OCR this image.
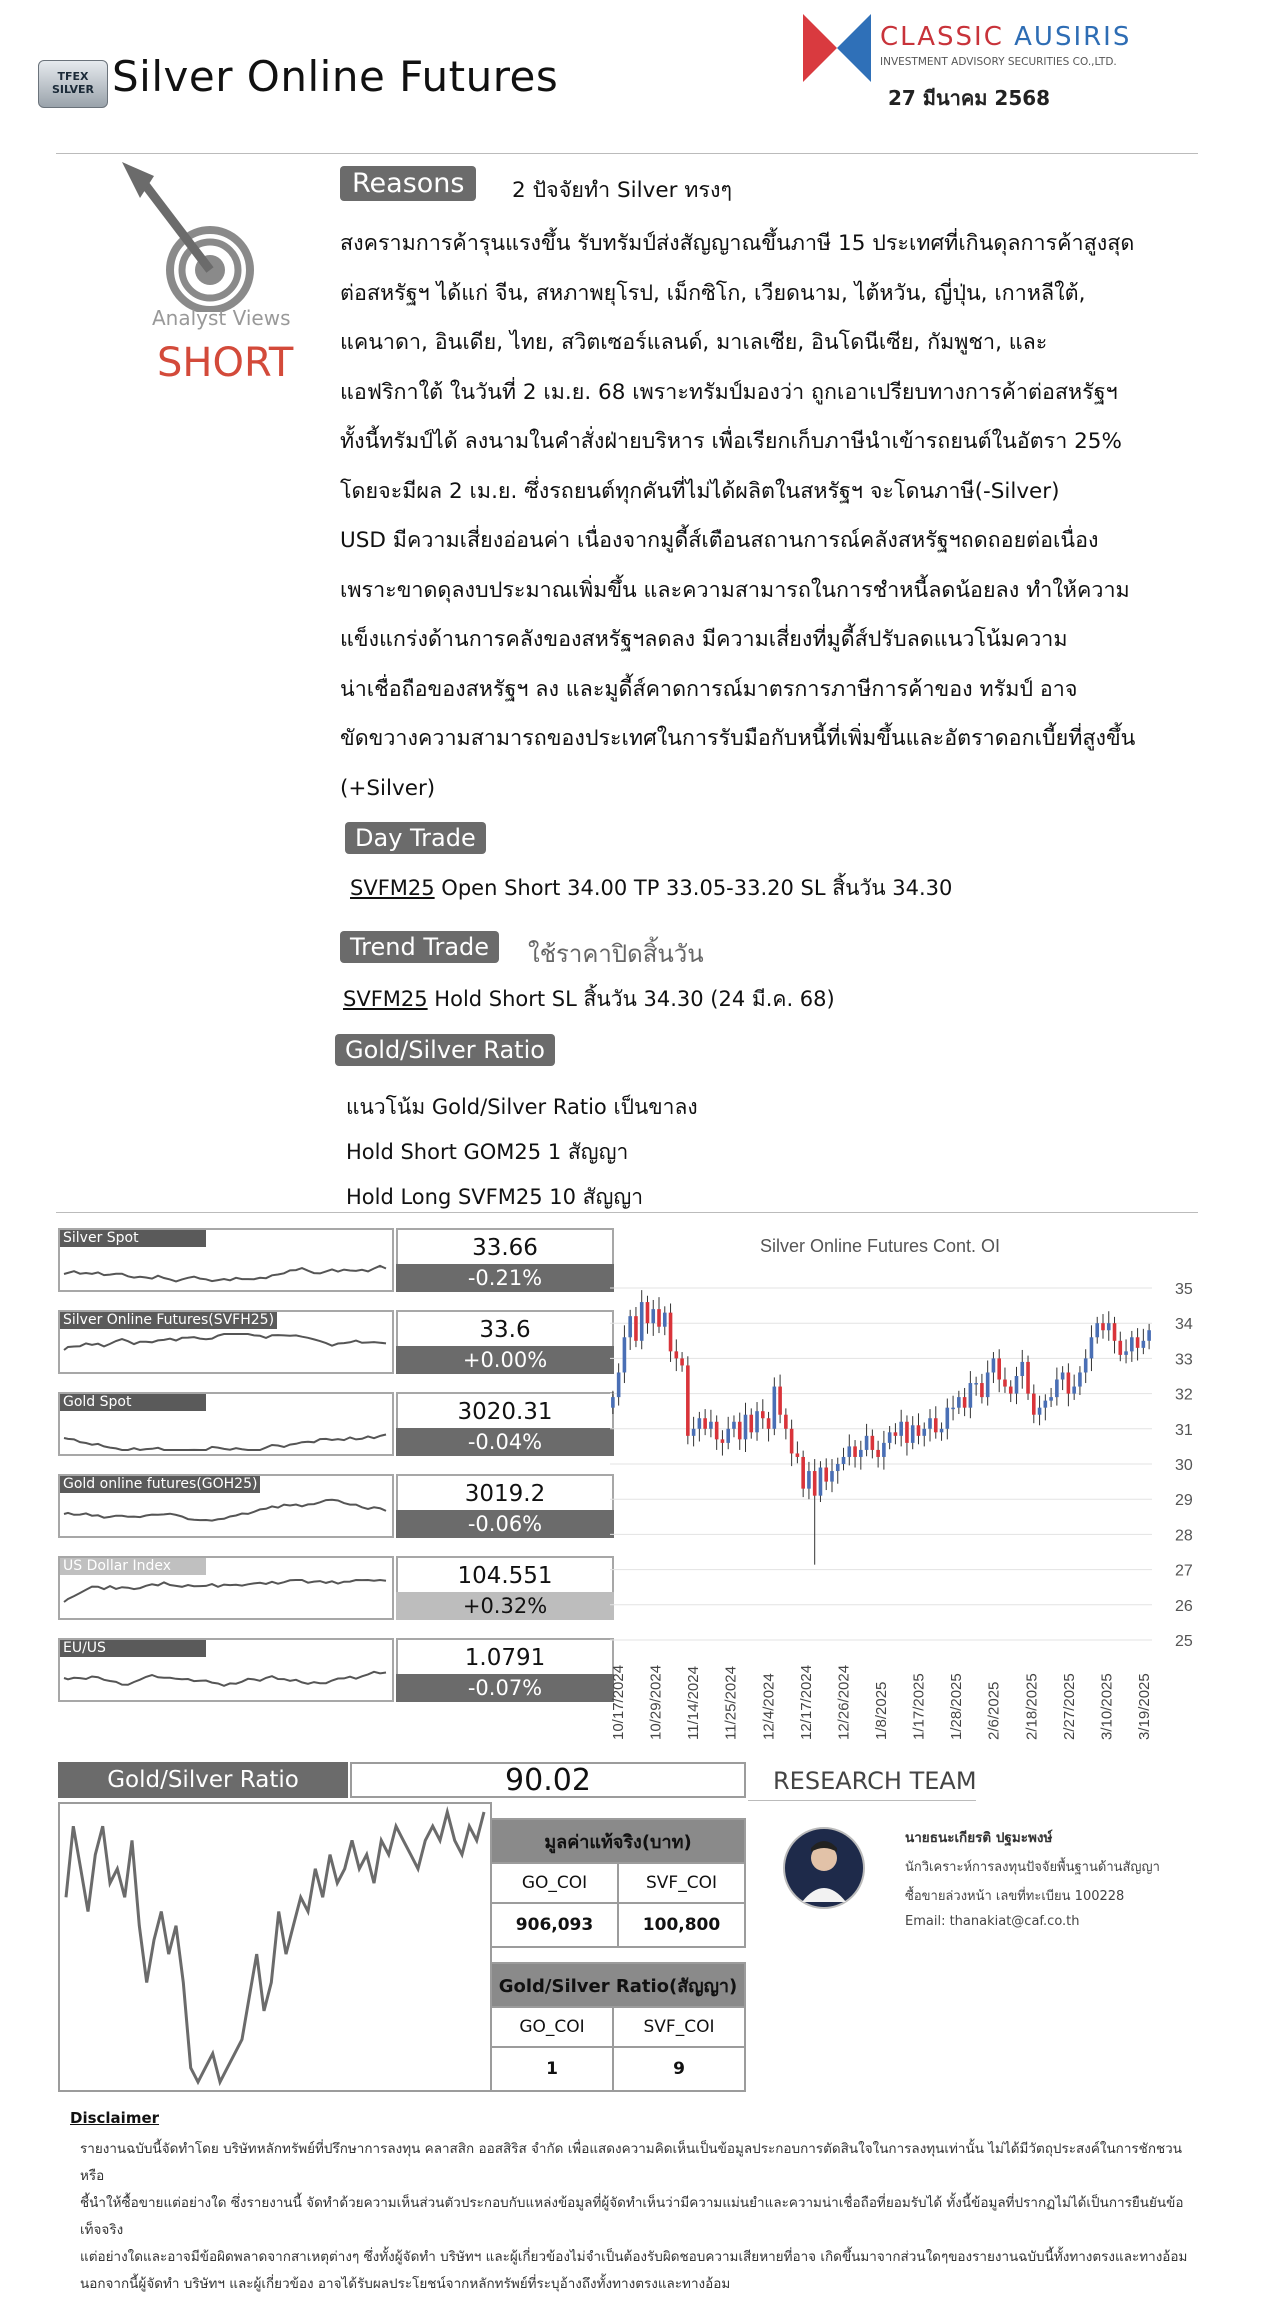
TFEX SILVER Silver Online Futures
CLASSIC AUSIRIS
INVESTMENT ADVISORY SECURITIES CO.,LTD.
27 มีนาคม 2568
Analyst Views
SHORT
Reasons	2 ปัจจัยทำ Silver ทรงๆ

สงครามการค้ารุนแรงขึ้น รับทรัมป์ส่งสัญญาณขึ้นภาษี 15 ประเทศที่เกินดุลการค้าสูงสุด

ต่อสหรัฐฯ ได้แก่ จีน, สหภาพยุโรป, เม็กซิโก, เวียดนาม, ไต้หวัน, ญี่ปุ่น, เกาหลีใต้,

แคนาดา, อินเดีย, ไทย, สวิตเซอร์แลนด์, มาเลเซีย, อินโดนีเซีย, กัมพูชา, และ

แอฟริกาใต้ ในวันที่ 2 เม.ย. 68 เพราะทรัมป์มองว่า ถูกเอาเปรียบทางการค้าต่อสหรัฐฯ

ทั้งนี้ทรัมป์ได้ ลงนามในคำสั่งฝ่ายบริหาร เพื่อเรียกเก็บภาษีนำเข้ารถยนต์ในอัตรา 25%

โดยจะมีผล 2 เม.ย. ซึ่งรถยนต์ทุกคันที่ไม่ได้ผลิตในสหรัฐฯ จะโดนภาษี(-Silver)

USD มีความเสี่ยงอ่อนค่า เนื่องจากมูดี้ส์เตือนสถานการณ์คลังสหรัฐฯถดถอยต่อเนื่อง

เพราะขาดดุลงบประมาณเพิ่มขึ้น และความสามารถในการชำหนี้ลดน้อยลง ทำให้ความ

แข็งแกร่งด้านการคลังของสหรัฐฯลดลง มีความเสี่ยงที่มูดี้ส์ปรับลดแนวโน้มความ

น่าเชื่อถือของสหรัฐฯ ลง และมูดี้ส์คาดการณ์มาตรการภาษีการค้าของ ทรัมป์ อาจ

ขัดขวางความสามารถของประเทศในการรับมือกับหนี้ที่เพิ่มขึ้นและอัตราดอกเบี้ยที่สูงขึ้น

(+Silver)

Day Trade
SVFM25 Open Short 34.00 TP 33.05-33.20 SL สิ้นวัน 34.30
Trend Trade	ใช้ราคาปิดสิ้นวัน
SVFM25 Hold Short SL สิ้นวัน 34.30 (24 มี.ค. 68)
Gold/Silver Ratio
แนวโน้ม Gold/Silver Ratio เป็นขาลง
Hold Short GOM25 1 สัญญา
Hold Long SVFM25 10 สัญญา
Silver Spot	33.66
-0.21%
Silver Online Futures(SVFH25)	33.6
+0.00%
Gold Spot	3020.31
-0.04%
Gold online futures(GOH25)	3019.2
-0.06%
US Dollar Index	104.551
+0.32%
EU/US	1.0791
-0.07%
Silver Online Futures Cont. OI
25
26
27
28
29
30
31
32
33
34
35
10/17/2024 10/29/2024 11/14/2024 11/25/2024 12/4/2024 12/17/2024 12/26/2024 1/8/2025 1/17/2025 1/28/2025 2/6/2025 2/18/2025 2/27/2025 3/10/2025 3/19/2025
Gold/Silver Ratio	90.02	RESEARCH TEAM
มูลค่าแท้จริง(บาท)	
GO_COI	SVF_COI
906,093	100,800
Gold/Silver Ratio(สัญญา)	
GO_COI	SVF_COI
1	9
นายธนะเกียรติ ปฐมะพงษ์
นักวิเคราะห์การลงทุนปัจจัยพื้นฐานด้านสัญญา
ซื้อขายล่วงหน้า เลขที่ทะเบียน 100228
Email: thanakiat@caf.co.th
Disclaimer
รายงานฉบับนี้จัดทำโดย บริษัทหลักทรัพย์ที่ปรึกษาการลงทุน คลาสสิก ออสสิริส จำกัด เพื่อแสดงความคิดเห็นเป็นข้อมูลประกอบการตัดสินใจในการลงทุนเท่านั้น ไม่ได้มีวัตถุประสงค์ในการชักชวน หรือ
ชี้นำให้ซื้อขายแต่อย่างใด ซึ่งรายงานนี้ จัดทำด้วยความเห็นส่วนตัวประกอบกับแหล่งข้อมูลที่ผู้จัดทำเห็นว่ามีความแม่นยำและความน่าเชื่อถือที่ยอมรับได้ ทั้งนี้ข้อมูลที่ปรากฏไม่ได้เป็นการยืนยันข้อเท็จจริง
แต่อย่างใดและอาจมีข้อผิดพลาดจากสาเหตุต่างๆ ซึ่งทั้งผู้จัดทำ บริษัทฯ และผู้เกี่ยวข้องไม่จำเป็นต้องรับผิดชอบความเสียหายที่อาจ เกิดขึ้นมาจากส่วนใดๆของรายงานฉบับนี้ทั้งทางตรงและทางอ้อม
นอกจากนี้ผู้จัดทำ บริษัทฯ และผู้เกี่ยวข้อง อาจได้รับผลประโยชน์จากหลักทรัพย์ที่ระบุอ้างถึงทั้งทางตรงและทางอ้อม
